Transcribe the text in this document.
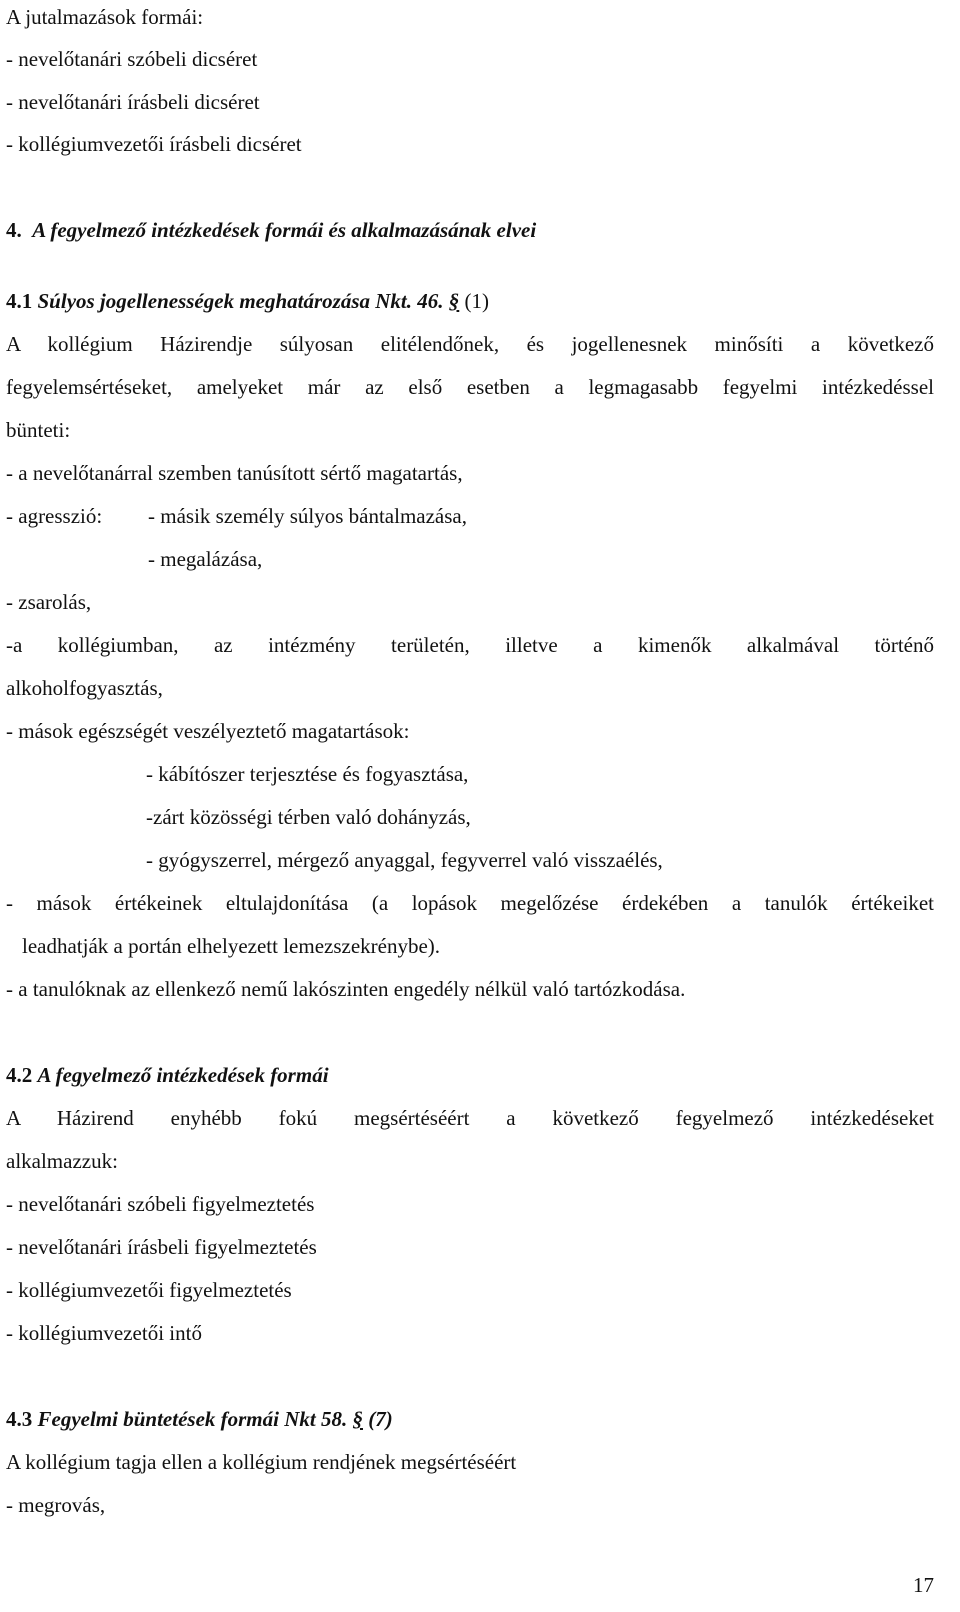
A jutalmazások formái:
- nevelőtanári szóbeli dicséret
- nevelőtanári írásbeli dicséret
- kollégiumvezetői írásbeli dicséret
4. A fegyelmező intézkedések formái és alkalmazásának elvei
4.1 Súlyos jogellenességek meghatározása Nkt. 46. § (1)
A kollégium Házirendje súlyosan elitélendőnek, és jogellenesnek minősíti a következő
fegyelemsértéseket, amelyeket már az első esetben a legmagasabb fegyelmi intézkedéssel
bünteti:
- a nevelőtanárral szemben tanúsított sértő magatartás,
- agresszió: - másik személy súlyos bántalmazása,
- megalázása,
- zsarolás,
-a kollégiumban, az intézmény területén, illetve a kimenők alkalmával történő
alkoholfogyasztás,
- mások egészségét veszélyeztető magatartások:
- kábítószer terjesztése és fogyasztása,
-zárt közösségi térben való dohányzás,
- gyógyszerrel, mérgező anyaggal, fegyverrel való visszaélés,
- mások értékeinek eltulajdonítása (a lopások megelőzése érdekében a tanulók értékeiket
leadhatják a portán elhelyezett lemezszekrénybe).
- a tanulóknak az ellenkező nemű lakószinten engedély nélkül való tartózkodása.
4.2 A fegyelmező intézkedések formái
A Házirend enyhébb fokú megsértéséért a következő fegyelmező intézkedéseket
alkalmazzuk:
- nevelőtanári szóbeli figyelmeztetés
- nevelőtanári írásbeli figyelmeztetés
- kollégiumvezetői figyelmeztetés
- kollégiumvezetői intő
4.3 Fegyelmi büntetések formái Nkt 58. § (7)
A kollégium tagja ellen a kollégium rendjének megsértéséért
- megrovás,
17
